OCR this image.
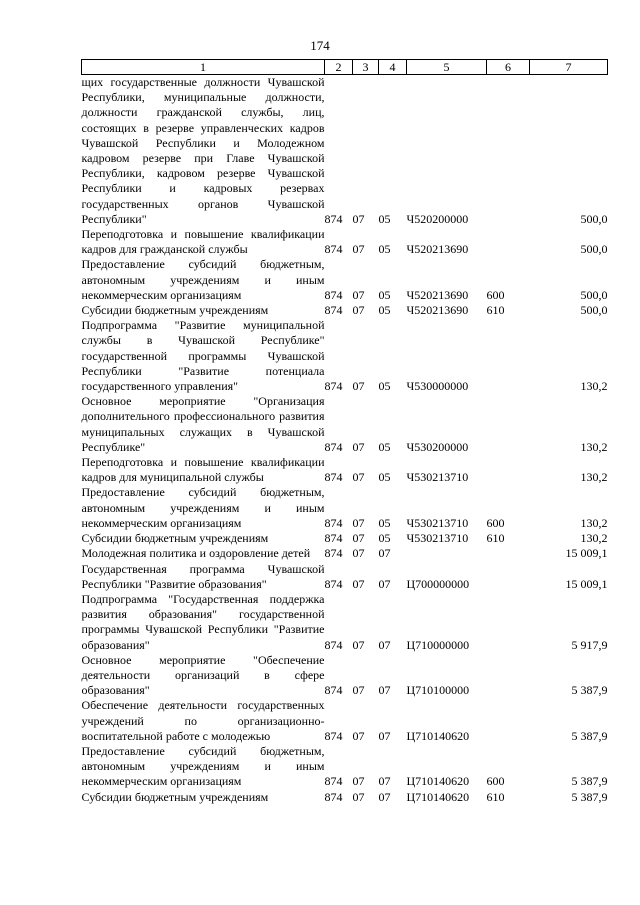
174
1	2	3	4	5	6	7
щих государственные должности Чувашской Республики, муниципальные должности, должности гражданской службы, лиц, состоящих в резерве управленческих кадров Чувашской Республики и Молодежном кадровом резерве при Главе Чувашской Республики, кадровом резерве Чувашской Республики и кадровых резервах государственных органов Чувашской Республики"	874	07	05	Ч520200000		500,0
Переподготовка и повышение квалификации кадров для гражданской службы	874	07	05	Ч520213690		500,0
Предоставление субсидий бюджетным, автономным учреждениям и иным некоммерческим организациям	874	07	05	Ч520213690	600	500,0
Субсидии бюджетным учреждениям	874	07	05	Ч520213690	610	500,0
Подпрограмма "Развитие муниципальной службы в Чувашской Республике" государственной программы Чувашской Республики "Развитие потенциала государственного управления"	874	07	05	Ч530000000		130,2
Основное мероприятие "Организация дополнительного профессионального развития муниципальных служащих в Чувашской Республике"	874	07	05	Ч530200000		130,2
Переподготовка и повышение квалификации кадров для муниципальной службы	874	07	05	Ч530213710		130,2
Предоставление субсидий бюджетным, автономным учреждениям и иным некоммерческим организациям	874	07	05	Ч530213710	600	130,2
Субсидии бюджетным учреждениям	874	07	05	Ч530213710	610	130,2
Молодежная политика и оздоровление детей	874	07	07			15 009,1
Государственная программа Чувашской Республики "Развитие образования"	874	07	07	Ц700000000		15 009,1
Подпрограмма "Государственная поддержка развития образования" государственной программы Чувашской Республики "Развитие образования"	874	07	07	Ц710000000		5 917,9
Основное мероприятие "Обеспечение деятельности организаций в сфере образования"	874	07	07	Ц710100000		5 387,9
Обеспечение деятельности государственных учреждений по организационно-воспитательной работе с молодежью	874	07	07	Ц710140620		5 387,9
Предоставление субсидий бюджетным, автономным учреждениям и иным некоммерческим организациям	874	07	07	Ц710140620	600	5 387,9
Субсидии бюджетным учреждениям	874	07	07	Ц710140620	610	5 387,9
